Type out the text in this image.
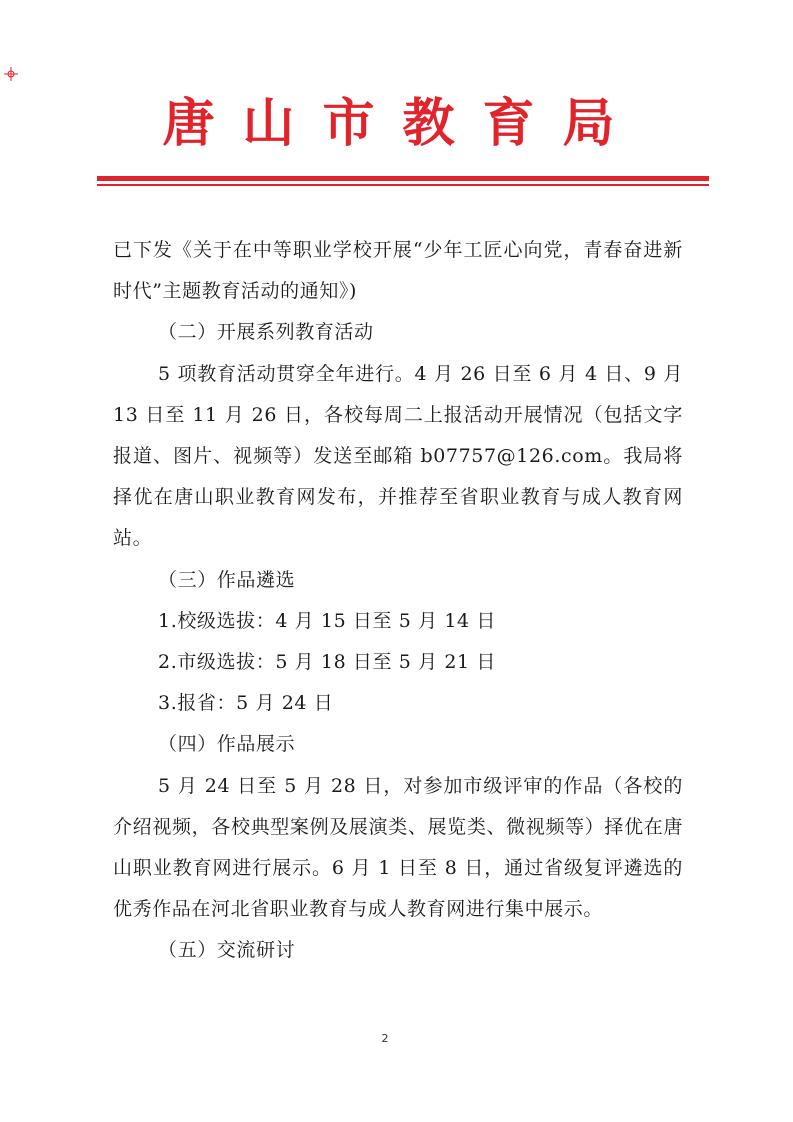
唐山市教育局

已下发《关于在中等职业学校开展“少年工匠心向党，青春奋进新时代”主题教育活动的通知》)

（二）开展系列教育活动

5 项教育活动贯穿全年进行。4 月 26 日至 6 月 4 日、9 月 13 日至 11 月 26 日，各校每周二上报活动开展情况（包括文字报道、图片、视频等）发送至邮箱 b07757@126.com。我局将择优在唐山职业教育网发布，并推荐至省职业教育与成人教育网站。

（三）作品遴选

1.校级选拔：4 月 15 日至 5 月 14 日

2.市级选拔：5 月 18 日至 5 月 21 日

3.报省：5 月 24 日

（四）作品展示

5 月 24 日至 5 月 28 日，对参加市级评审的作品（各校的介绍视频，各校典型案例及展演类、展览类、微视频等）择优在唐山职业教育网进行展示。6 月 1 日至 8 日，通过省级复评遴选的优秀作品在河北省职业教育与成人教育网进行集中展示。

（五）交流研讨

2
